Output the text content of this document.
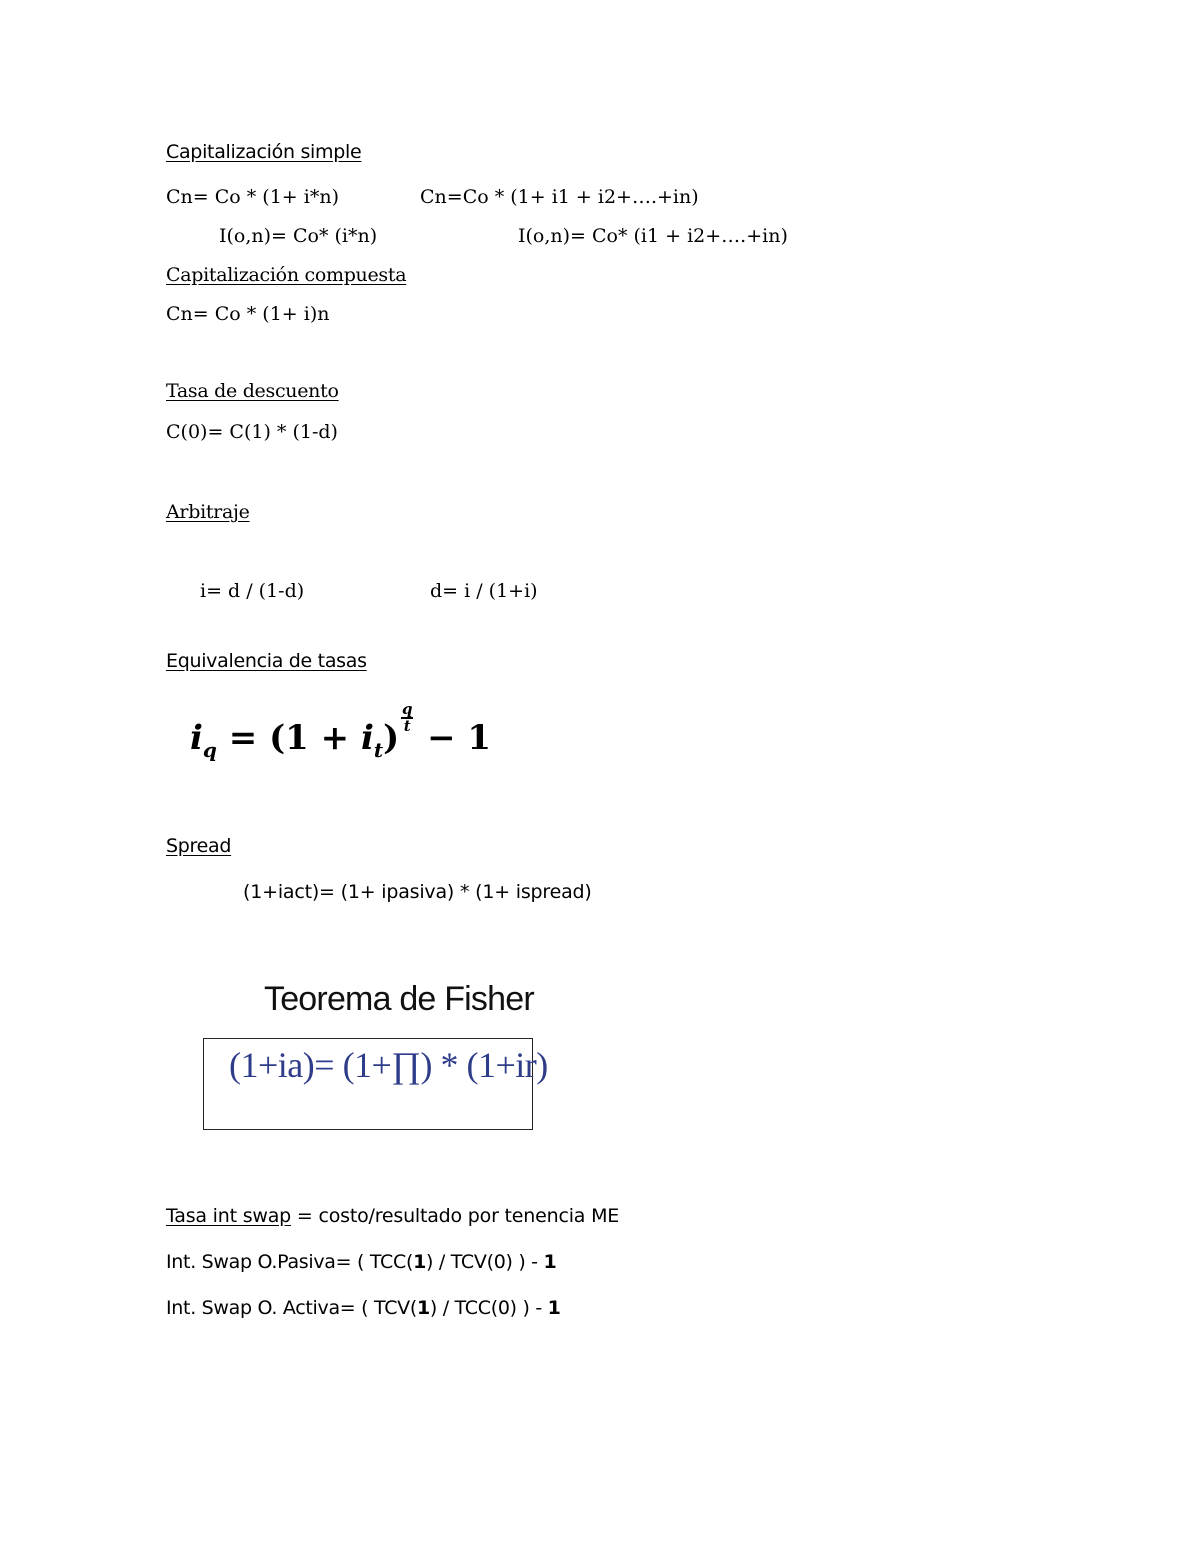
Capitalización simple
Cn= Co * (1+ i*n)	Cn=Co * (1+ i1 + i2+….+in)
I(o,n)= Co* (i*n)	I(o,n)= Co* (i1 + i2+….+in)
Capitalización compuesta
Cn= Co * (1+ i)n
Tasa de descuento
C(0)= C(1) * (1-d)
Arbitraje
i= d / (1-d)	d= i / (1+i)
Equivalencia de tasas
$i_q = (1 + i_t) \frac{q}{t} - 1$
Spread
(1+iact)= (1+ ipasiva) * (1+ ispread)
Teorema de Fisher
(1+ia)= (1+∏) * (1+ir)
Tasa int swap = costo/resultado por tenencia ME
Int. Swap O.Pasiva= ( TCC(1) / TCV(0) ) - 1
Int. Swap O. Activa= ( TCV(1) / TCC(0) ) - 1
